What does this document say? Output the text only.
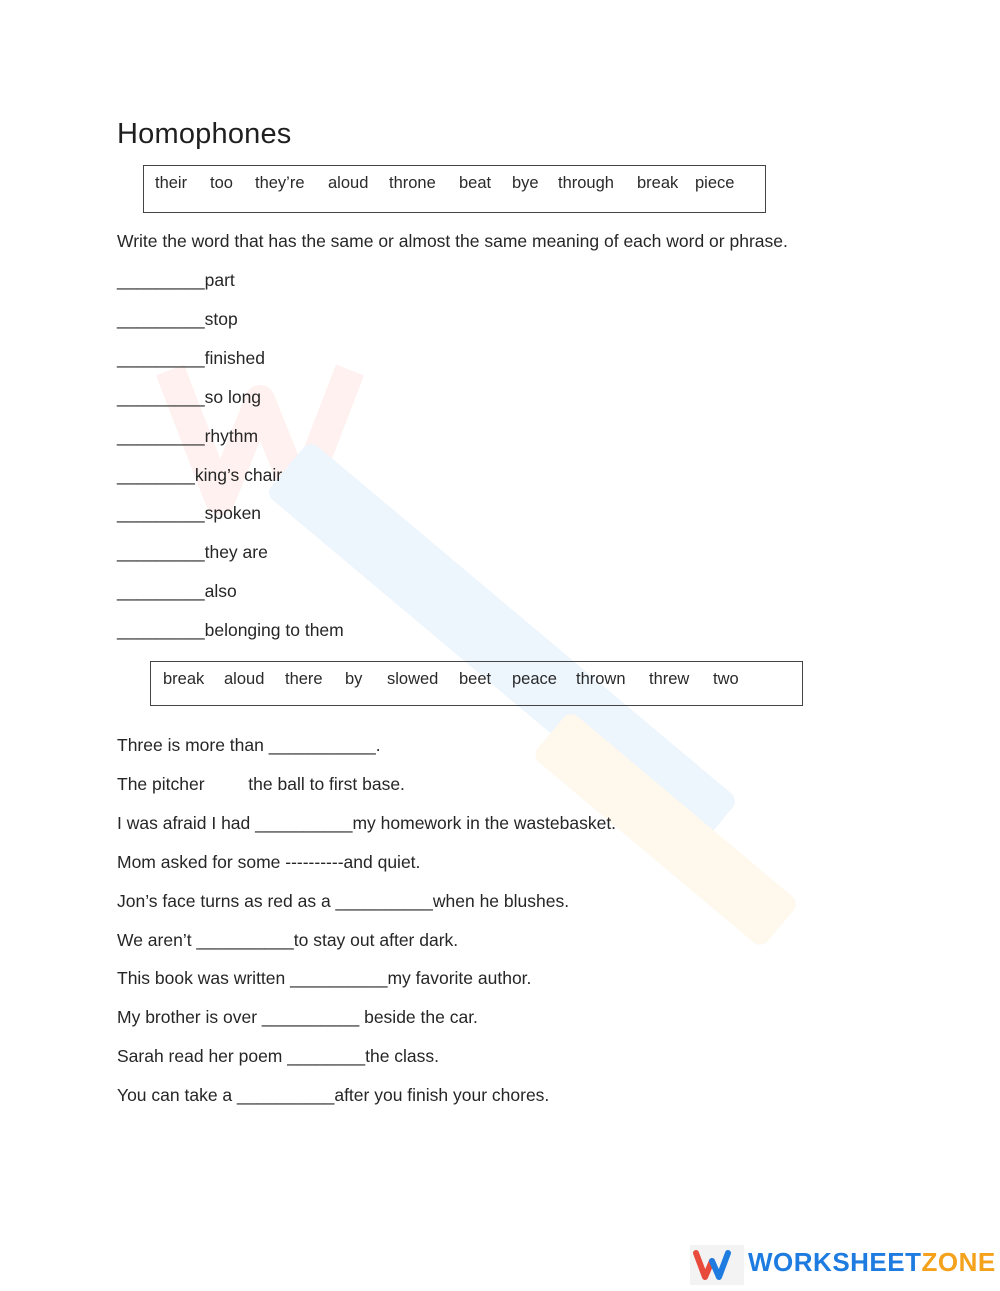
Homophones
their too they’re aloud throne beat bye through break piece
Write the word that has the same or almost the same meaning of each word or phrase.
_________part
_________stop
_________finished
_________so long
_________rhythm
________king’s chair
_________spoken
_________they are
_________also
_________belonging to them
break aloud there by slowed beet peace thrown threw two
Three is more than ___________.
The pitcher         the ball to first base.
I was afraid I had __________my homework in the wastebasket.
Mom asked for some ----------and quiet.
Jon’s face turns as red as a __________when he blushes.
We aren’t __________to stay out after dark.
This book was written __________my favorite author.
My brother is over __________ beside the car.
Sarah read her poem ________the class.
You can take a __________after you finish your chores.
WORKSHEETZONE
